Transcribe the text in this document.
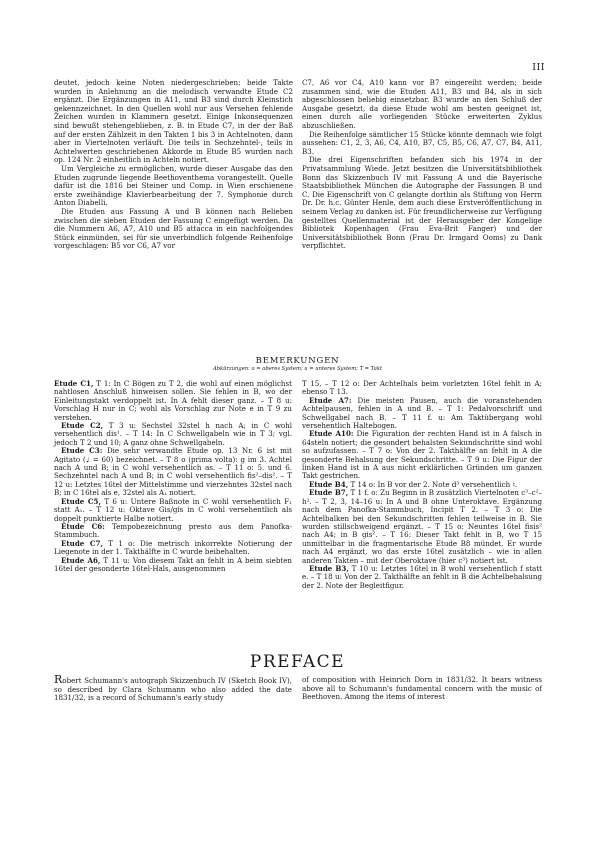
III

deutet, jedoch keine Noten niedergeschrieben; beide Takte wurden in Anlehnung an die melodisch verwandte Etude C2 ergänzt. Die Ergänzungen in A11, und B3 sind durch Kleinstich gekennzeichnet. In den Quellen wohl nur aus Versehen fehlende Zeichen wurden in Klammern gesetzt. Einige Inkonsequenzen sind bewußt stehengeblieben, z. B. in Etude C7, in der der Baß auf der ersten Zählzeit in den Takten 1 bis 3 in Achtelnoten, dann aber in Viertelnoten verläuft. Die teils in Sechzehntel-, teils in Achtelwerten geschriebenen Akkorde in Etude B5 wurden nach op. 124 Nr. 2 einheitlich in Achteln notiert.

Um Vergleiche zu ermöglichen, wurde dieser Ausgabe das den Etuden zugrunde liegende Beethoventhema vorangestellt. Quelle dafür ist die 1816 bei Steiner und Comp. in Wien erschienene erste zweihändige Klavierbearbeitung der 7. Symphonie durch Anton Diabelli.

Die Etuden aus Fassung A und B können nach Belieben zwischen die sieben Etuden der Fassung C eingefügt werden. Da die Nummern A6, A7, A10 und B5 attacca in ein nachfolgendes Stück einmünden, sei für sie unverbindlich folgende Reihenfolge vorgeschlagen: B5 vor C6, A7 vor

C7, A6 vor C4, A10 kann vor B7 eingereiht werden; beide zusammen sind, wie die Etuden A11, B3 und B4, als in sich abgeschlossen beliebig einsetzbar. B3 wurde an den Schluß der Ausgabe gesetzt, da diese Etude wohl am besten geeignet ist, einen durch alle vorliegenden Stücke erweiterten Zyklus abzuschließen.

Die Reihenfolge sämtlicher 15 Stücke könnte demnach wie folgt aussehen: C1, 2, 3, A6, C4, A10, B7, C5, B5, C6, A7, C7, B4, A11, B3.

Die drei Eigenschriften befanden sich bis 1974 in der Privatsammlung Wiede. Jetzt besitzen die Universitätsbibliothek Bonn das Skizzenbuch IV mit Fassung A und die Bayerische Staatsbibliothek München die Autographe der Fassungen B und C. Die Eigenschrift von C gelangte dorthin als Stiftung von Herrn Dr. Dr. h.c. Günter Henle, dem auch diese Erstveröffentlichung in seinem Verlag zu danken ist. Für freundlicherweise zur Verfügung gestelltes Quellenmaterial ist der Herausgeber der Kongelige Bibliotek Kopenhagen (Frau Eva-Brit Fanger) und der Universitätsbibliothek Bonn (Frau Dr. Irmgard Ooms) zu Dank verpflichtet.

BEMERKUNGEN
Abkürzungen: o = oberes System; u = unteres System; T = Takt

Etude C1, T 1: In C Bögen zu T 2, die wohl auf einen möglichst nahtlosen Anschluß hinweisen sollen. Sie fehlen in B, wo der Einleitungstakt verdoppelt ist. In A fehlt dieser ganz. – T 8 u: Vorschlag H nur in C; wohl als Vorschlag zur Note e in T 9 zu verstehen.

Etude C2, T 3 u: Sechstel 32stel h nach A; in C wohl versehentlich dis¹. – T 14: In C Schwellgabeln wie in T 3; vgl. jedoch T 2 und 10; A ganz ohne Schwellgabeln.

Etude C3: Die sehr verwandte Etude op. 13 Nr. 6 ist mit Agitato (♩ = 60) bezeichnet. – T 8 o (prima volta): g im 3. Achtel nach A und B; in C wohl versehentlich as. – T 11 o: 5. und 6. Sechzehntel nach A und B; in C wohl versehentlich fis²–dis². – T 12 u: Letztes 16tel der Mittelstimme und vierzehntes 32stel nach B; in C 16tel als e, 32stel als A₁ notiert.

Etude C5, T 6 u: Untere Baßnote in C wohl versehentlich F₁ statt A₁. – T 12 u: Oktave Gis/gis in C wohl versehentlich als doppelt punktierte Halbe notiert.

Etude C6: Tempobezeichnung presto aus dem Panofka-Stammbuch.

Etude C7, T 1 o: Die metrisch inkorrekte Notierung der Liegenote in der 1. Takthälfte in C wurde beibehalten.

Etude A6, T 11 u: Von diesem Takt an fehlt in A beim siebten 16tel der gesonderte 16tel-Hals, ausgenommen

T 15. – T 12 o: Der Achtelhals beim vorletzten 16tel fehlt in A; ebenso T 13.

Etude A7: Die meisten Pausen, auch die voranstehenden Achtelpausen, fehlen in A und B. – T 1: Pedalvorschrift und Schwellgabel nach B. – T 11 f. u: Am Taktübergang wohl versehentlich Haltebogen.

Etude A10: Die Figuration der rechten Hand ist in A falsch in 64steln notiert; die gesondert behalsten Sekundschritte sind wohl so aufzufassen. – T 7 o: Von der 2. Takthälfte an fehlt in A die gesonderte Behalsung der Sekundschritte. – T 9 u: Die Figur der linken Hand ist in A aus nicht erklärlichen Gründen um ganzen Takt gestrichen.

Etude B4, T 14 o: In B vor der 2. Note d³ versehentlich ♮.

Etude B7, T 1 f. o: Zu Beginn in B zusätzlich Viertelnoten c³–c²–h². – T 2, 3, 14–16 u: In A und B ohne Unteroktave. Ergänzung nach dem Panofka-Stammbuch, Incipit T 2. – T 3 o: Die Achtelbalken bei den Sekundschritten fehlen teilweise in B. Sie wurden stillschweigend ergänzt. – T 15 o: Neuntes 16tel fisis² nach A4; in B gis². – T 16: Dieser Takt fehlt in B, wo T 15 unmittelbar in die fragmentarische Etude B8 mündet. Er wurde nach A4 ergänzt, wo das erste 16tel zusätzlich – wie in allen anderen Takten – mit der Oberoktave (hier c³) notiert ist.

Etude B3, T 10 u: Letztes 16tel in B wohl versehentlich f statt e. – T 18 u: Von der 2. Takthälfte an fehlt in B die Achtelbehalsung der 2. Note der Begleitfigur.

PREFACE

Robert Schumann's autograph Skizzenbuch IV (Sketch Book IV), so described by Clara Schumann who also added the date 1831/32, is a record of Schumann's early study

of composition with Heinrich Dorn in 1831/32. It bears witness above all to Schumann's fundamental concern with the music of Beethoven. Among the items of interest
